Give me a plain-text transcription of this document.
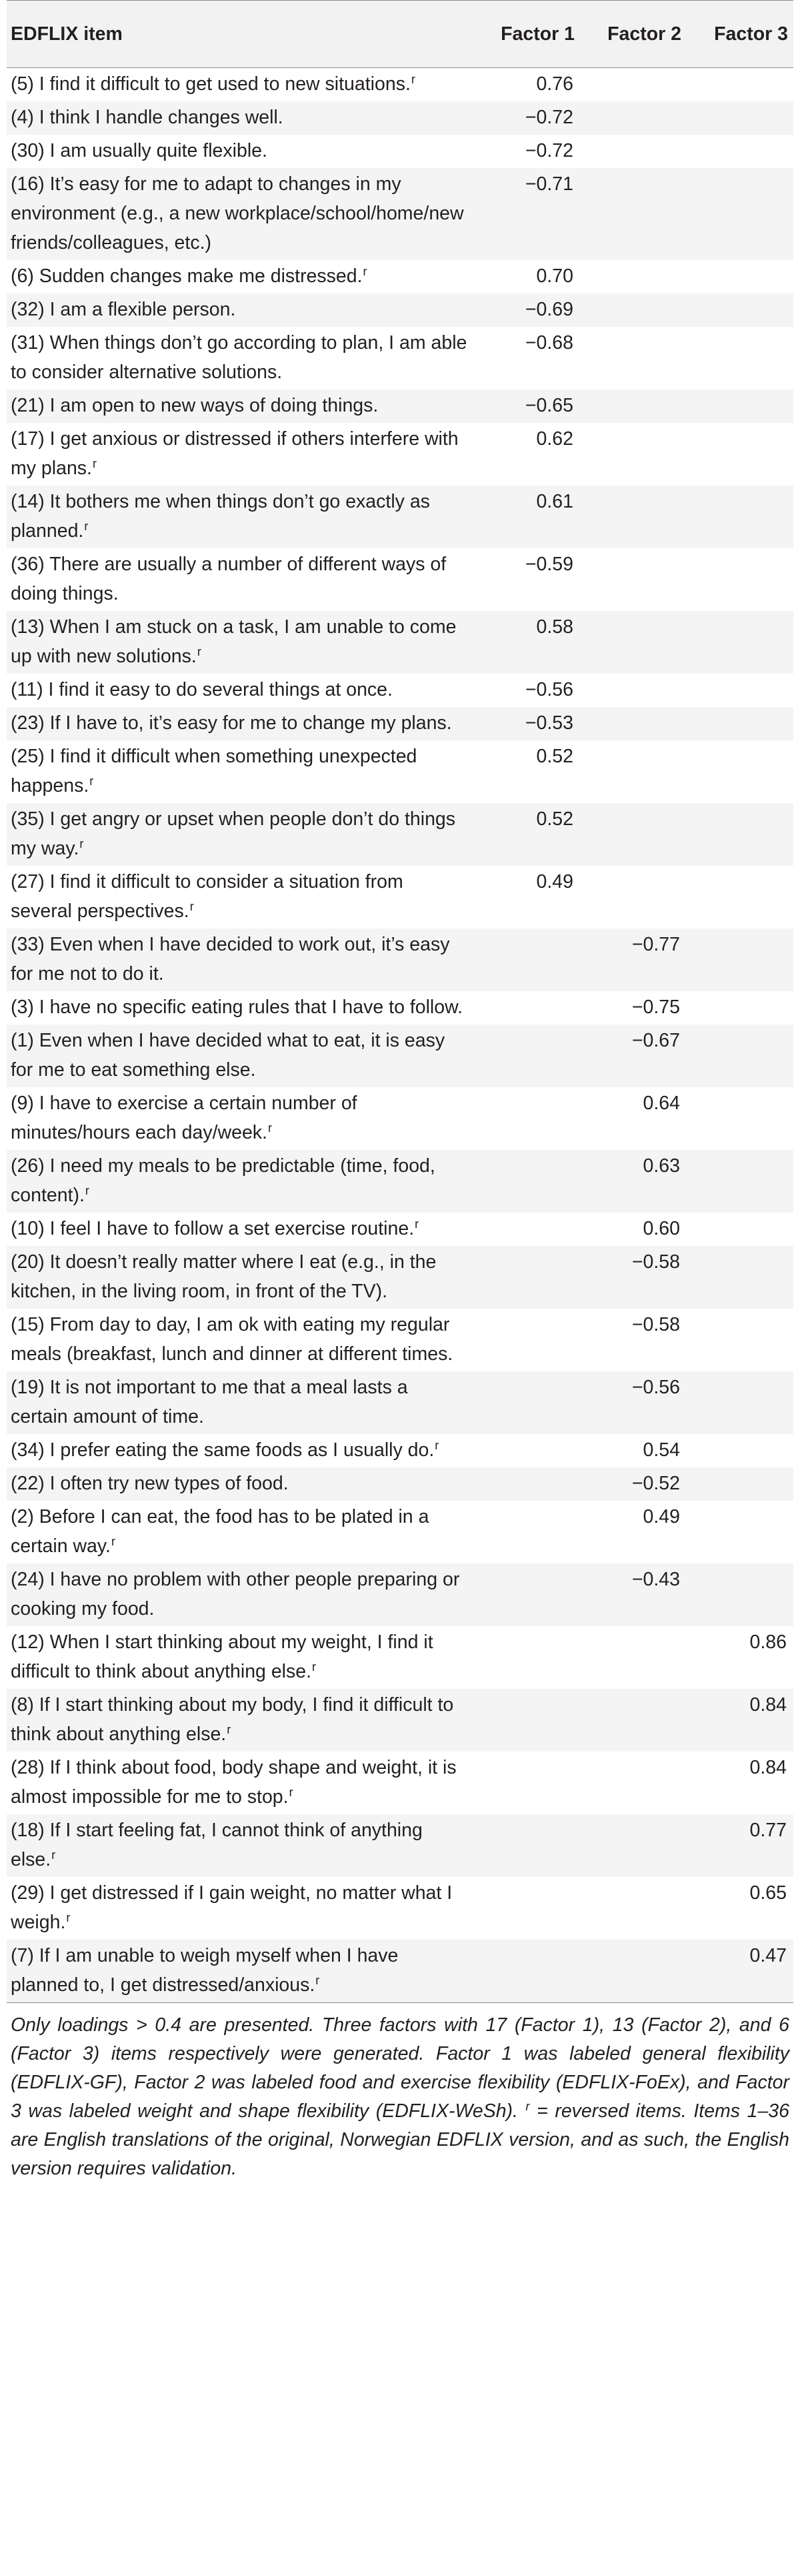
EDFLIX item	Factor 1	Factor 2	Factor 3
(5) I find it difficult to get used to new situations.$^r$	0.76		
(4) I think I handle changes well.	−0.72		
(30) I am usually quite flexible.	−0.72		
(16) It’s easy for me to adapt to changes in my environment (e.g., a new workplace/school/home/new friends/colleagues, etc.)	−0.71		
(6) Sudden changes make me distressed.$^r$	0.70		
(32) I am a flexible person.	−0.69		
(31) When things don’t go according to plan, I am able to consider alternative solutions.	−0.68		
(21) I am open to new ways of doing things.	−0.65		
(17) I get anxious or distressed if others interfere with my plans.$^r$	0.62		
(14) It bothers me when things don’t go exactly as planned.$^r$	0.61		
(36) There are usually a number of different ways of doing things.	−0.59		
(13) When I am stuck on a task, I am unable to come up with new solutions.$^r$	0.58		
(11) I find it easy to do several things at once.	−0.56		
(23) If I have to, it’s easy for me to change my plans.	−0.53		
(25) I find it difficult when something unexpected happens.$^r$	0.52		
(35) I get angry or upset when people don’t do things my way.$^r$	0.52		
(27) I find it difficult to consider a situation from several perspectives.$^r$	0.49		
(33) Even when I have decided to work out, it’s easy for me not to do it.		−0.77	
(3) I have no specific eating rules that I have to follow.		−0.75	
(1) Even when I have decided what to eat, it is easy for me to eat something else.		−0.67	
(9) I have to exercise a certain number of minutes/hours each day/week.$^r$		0.64	
(26) I need my meals to be predictable (time, food, content).$^r$		0.63	
(10) I feel I have to follow a set exercise routine.$^r$		0.60	
(20) It doesn’t really matter where I eat (e.g., in the kitchen, in the living room, in front of the TV).		−0.58	
(15) From day to day, I am ok with eating my regular meals (breakfast, lunch and dinner at different times.		−0.58	
(19) It is not important to me that a meal lasts a certain amount of time.		−0.56	
(34) I prefer eating the same foods as I usually do.$^r$		0.54	
(22) I often try new types of food.		−0.52	
(2) Before I can eat, the food has to be plated in a certain way.$^r$		0.49	
(24) I have no problem with other people preparing or cooking my food.		−0.43	
(12) When I start thinking about my weight, I find it difficult to think about anything else.$^r$			0.86
(8) If I start thinking about my body, I find it difficult to think about anything else.$^r$			0.84
(28) If I think about food, body shape and weight, it is almost impossible for me to stop.$^r$			0.84
(18) If I start feeling fat, I cannot think of anything else.$^r$			0.77
(29) I get distressed if I gain weight, no matter what I weigh.$^r$			0.65
(7) If I am unable to weigh myself when I have planned to, I get distressed/anxious.$^r$			0.47
Only loadings > 0.4 are presented. Three factors with 17 (Factor 1), 13 (Factor 2), and 6 (Factor 3) items respectively were generated. Factor 1 was labeled general flexibility (EDFLIX-GF), Factor 2 was labeled food and exercise flexibility (EDFLIX-FoEx), and Factor 3 was labeled weight and shape flexibility (EDFLIX-WeSh). $^r$ = reversed items. Items 1–36 are English translations of the original, Norwegian EDFLIX version, and as such, the English version requires validation.
